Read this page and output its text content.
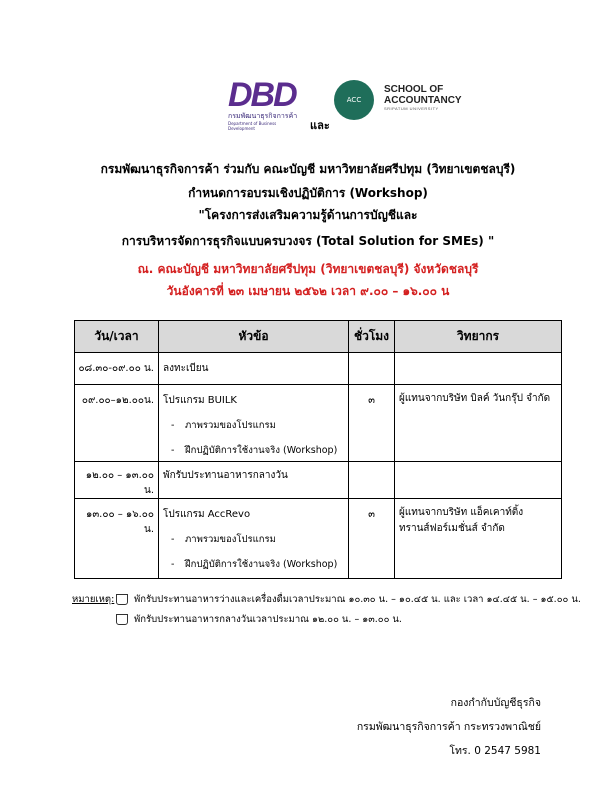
DBD
กรมพัฒนาธุรกิจการค้า
Department of Business Development	และ
ACC
SCHOOL OF
ACCOUNTANCY
SRIPATUM UNIVERSITY
กรมพัฒนาธุรกิจการค้า ร่วมกับ คณะบัญชี มหาวิทยาลัยศรีปทุม (วิทยาเขตชลบุรี)
กำหนดการอบรมเชิงปฏิบัติการ (Workshop)
"โครงการส่งเสริมความรู้ด้านการบัญชีและ
การบริหารจัดการธุรกิจแบบครบวงจร (Total Solution for SMEs) "
ณ. คณะบัญชี มหาวิทยาลัยศรีปทุม (วิทยาเขตชลบุรี) จังหวัดชลบุรี
วันอังคารที่ ๒๓ เมษายน ๒๕๖๒ เวลา ๙.๐๐ – ๑๖.๐๐ น
วัน/เวลา	หัวข้อ	ชั่วโมง	วิทยากร
๐๘.๓๐-๐๙.๐๐ น.	ลงทะเบียน		
๐๙.๐๐–๑๒.๐๐น.	โปรแกรม BUILK
- ภาพรวมของโปรแกรม
- ฝึกปฏิบัติการใช้งานจริง (Workshop)	๓	ผู้แทนจากบริษัท บิลค์ วันกรุ๊ป จำกัด
๑๒.๐๐ – ๑๓.๐๐ น.	พักรับประทานอาหารกลางวัน		
๑๓.๐๐ – ๑๖.๐๐ น.	โปรแกรม AccRevo
- ภาพรวมของโปรแกรม
- ฝึกปฏิบัติการใช้งานจริง (Workshop)	๓	ผู้แทนจากบริษัท แอ็คเคาท์ติ้ง ทรานส์ฟอร์เมชั่นส์ จำกัด
หมายเหตุ:	พักรับประทานอาหารว่างและเครื่องดื่มเวลาประมาณ ๑๐.๓๐ น. – ๑๐.๔๕ น. และ เวลา ๑๔.๔๕ น. – ๑๕.๐๐ น.
พักรับประทานอาหารกลางวันเวลาประมาณ ๑๒.๐๐ น. – ๑๓.๐๐ น.
กองกำกับบัญชีธุรกิจ
กรมพัฒนาธุรกิจการค้า กระทรวงพาณิชย์
โทร. 0 2547 5981
